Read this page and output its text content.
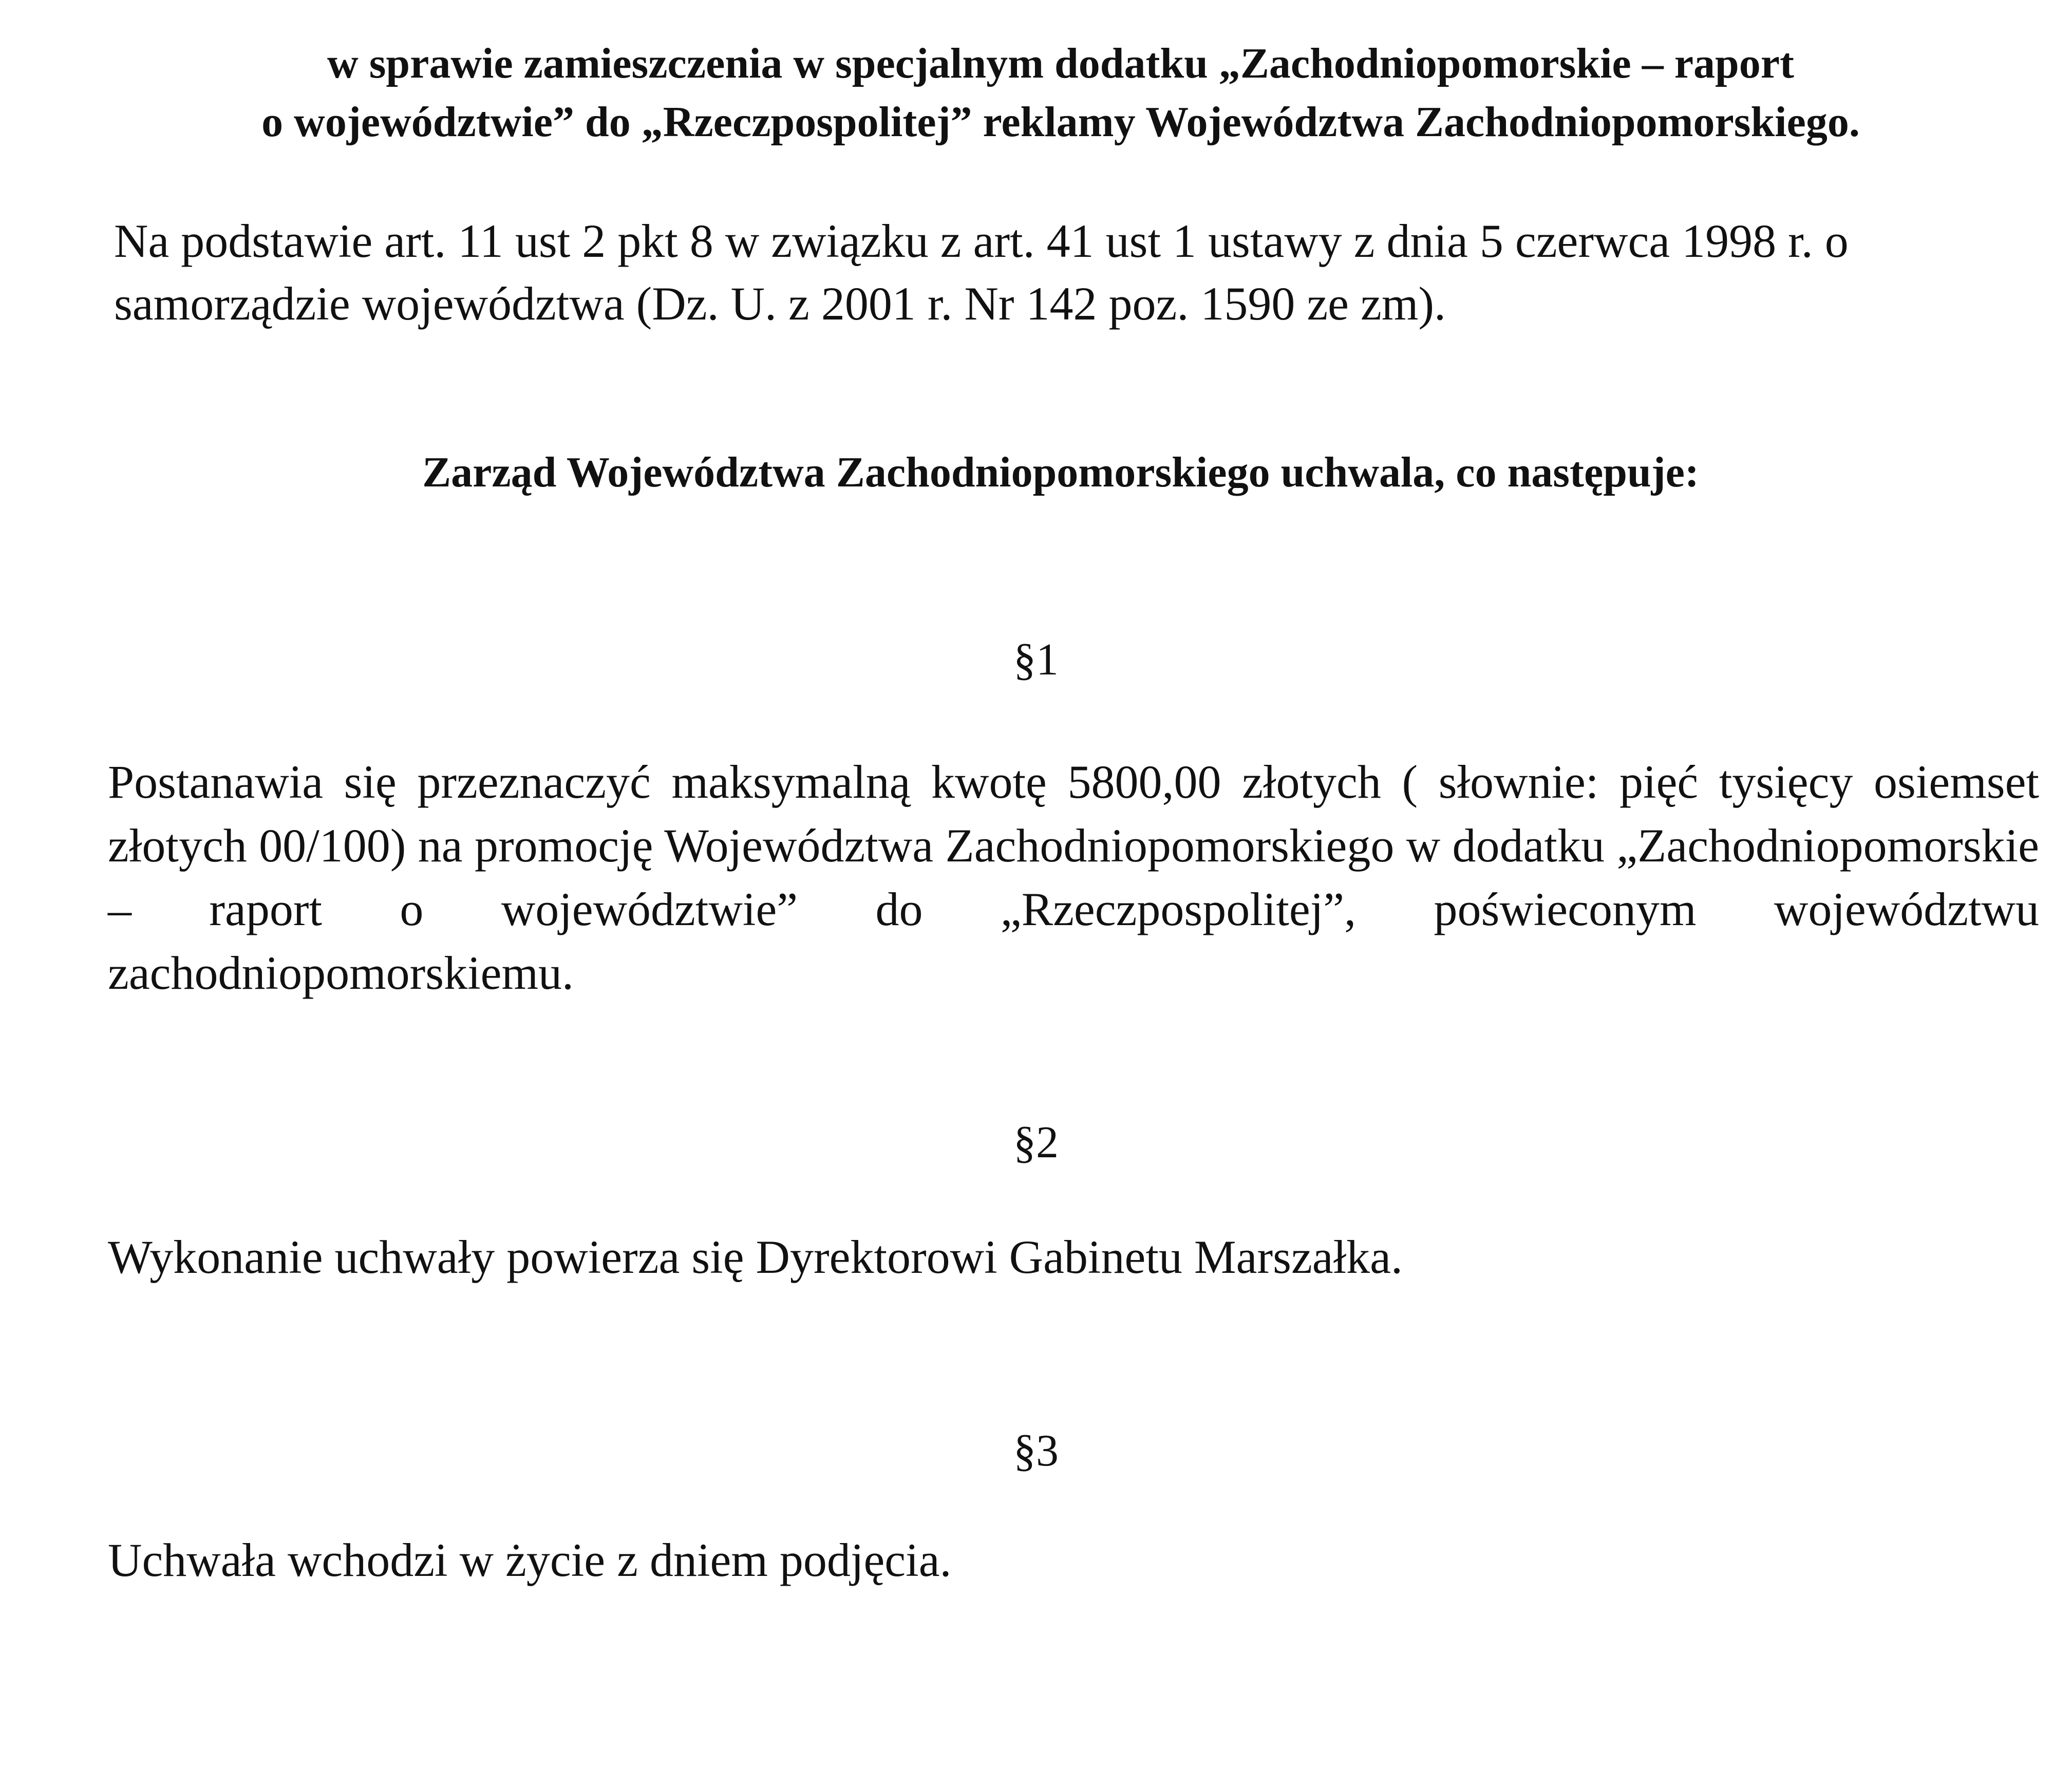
w sprawie zamieszczenia w specjalnym dodatku „Zachodniopomorskie – raport

o województwie” do „Rzeczpospolitej” reklamy Województwa Zachodniopomorskiego.

Na podstawie art. 11 ust 2 pkt 8 w związku z art. 41 ust 1 ustawy z dnia 5 czerwca 1998 r. o samorządzie województwa (Dz. U. z 2001 r. Nr 142 poz. 1590 ze zm).

Zarząd Województwa Zachodniopomorskiego uchwala, co następuje:

§1

Postanawia się przeznaczyć maksymalną kwotę 5800,00 złotych ( słownie: pięć tysięcy osiemset złotych 00/100) na promocję Województwa Zachodniopomorskiego w dodatku „Zachodniopomorskie – raport o województwie” do „Rzeczpospolitej”, poświeconym województwu zachodniopomorskiemu.

§2

Wykonanie uchwały powierza się Dyrektorowi Gabinetu Marszałka.

§3

Uchwała wchodzi w życie z dniem podjęcia.
